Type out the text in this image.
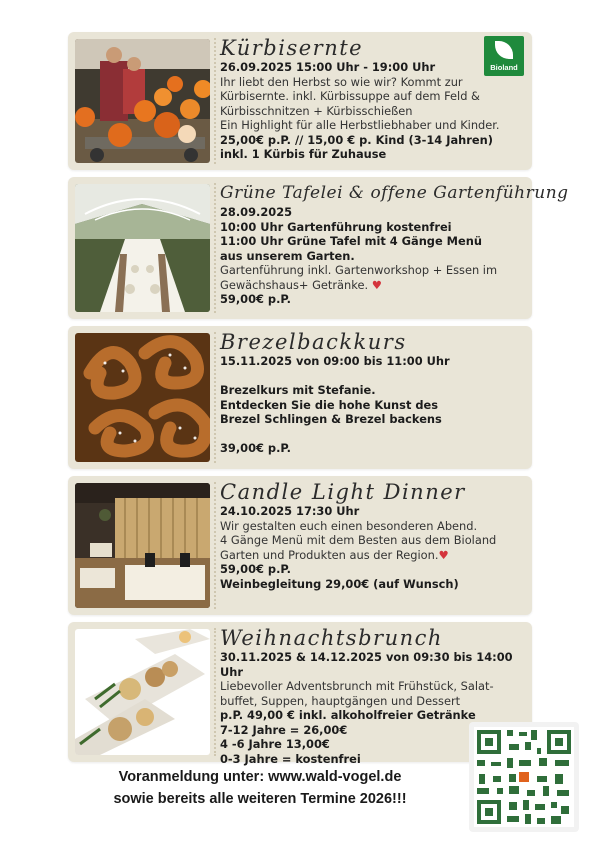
Kürbisernte
26.09.2025 15:00 Uhr - 19:00 Uhr
Ihr liebt den Herbst so wie wir? Kommt zur
Kürbisernte. inkl. Kürbissuppe auf dem Feld &
Kürbisschnitzen + Kürbisschießen
Ein Highlight für alle Herbstliebhaber und Kinder.
25,00€ p.P. // 15,00 € p. Kind (3-14 Jahren)
inkl. 1 Kürbis für Zuhause
Bioland
Grüne Tafelei & offene Gartenführung
28.09.2025
10:00 Uhr Gartenführung kostenfrei
11:00 Uhr Grüne Tafel mit 4 Gänge Menü
aus unserem Garten.
Gartenführung inkl. Gartenworkshop + Essen im
Gewächshaus+ Getränke. ♥
59,00€ p.P.
Brezelbackkurs
15.11.2025 von 09:00 bis 11:00 Uhr
Brezelkurs mit Stefanie.
Entdecken Sie die hohe Kunst des
Brezel Schlingen & Brezel backens
39,00€ p.P.
Candle Light Dinner
24.10.2025 17:30 Uhr
Wir gestalten euch einen besonderen Abend.
4 Gänge Menü mit dem Besten aus dem Bioland
Garten und Produkten aus der Region.♥
59,00€ p.P.
Weinbegleitung 29,00€ (auf Wunsch)
Weihnachtsbrunch
30.11.2025 & 14.12.2025 von 09:30 bis 14:00 Uhr
Liebevoller Adventsbrunch mit Frühstück, Salat-
buffet, Suppen, hauptgängen und Dessert
p.P. 49,00 € inkl. alkoholfreier Getränke
7-12 Jahre = 26,00€
4 -6 Jahre 13,00€
0-3 Jahre = kostenfrei
Voranmeldung unter: www.wald-vogel.de
sowie bereits alle weiteren Termine 2026!!!
